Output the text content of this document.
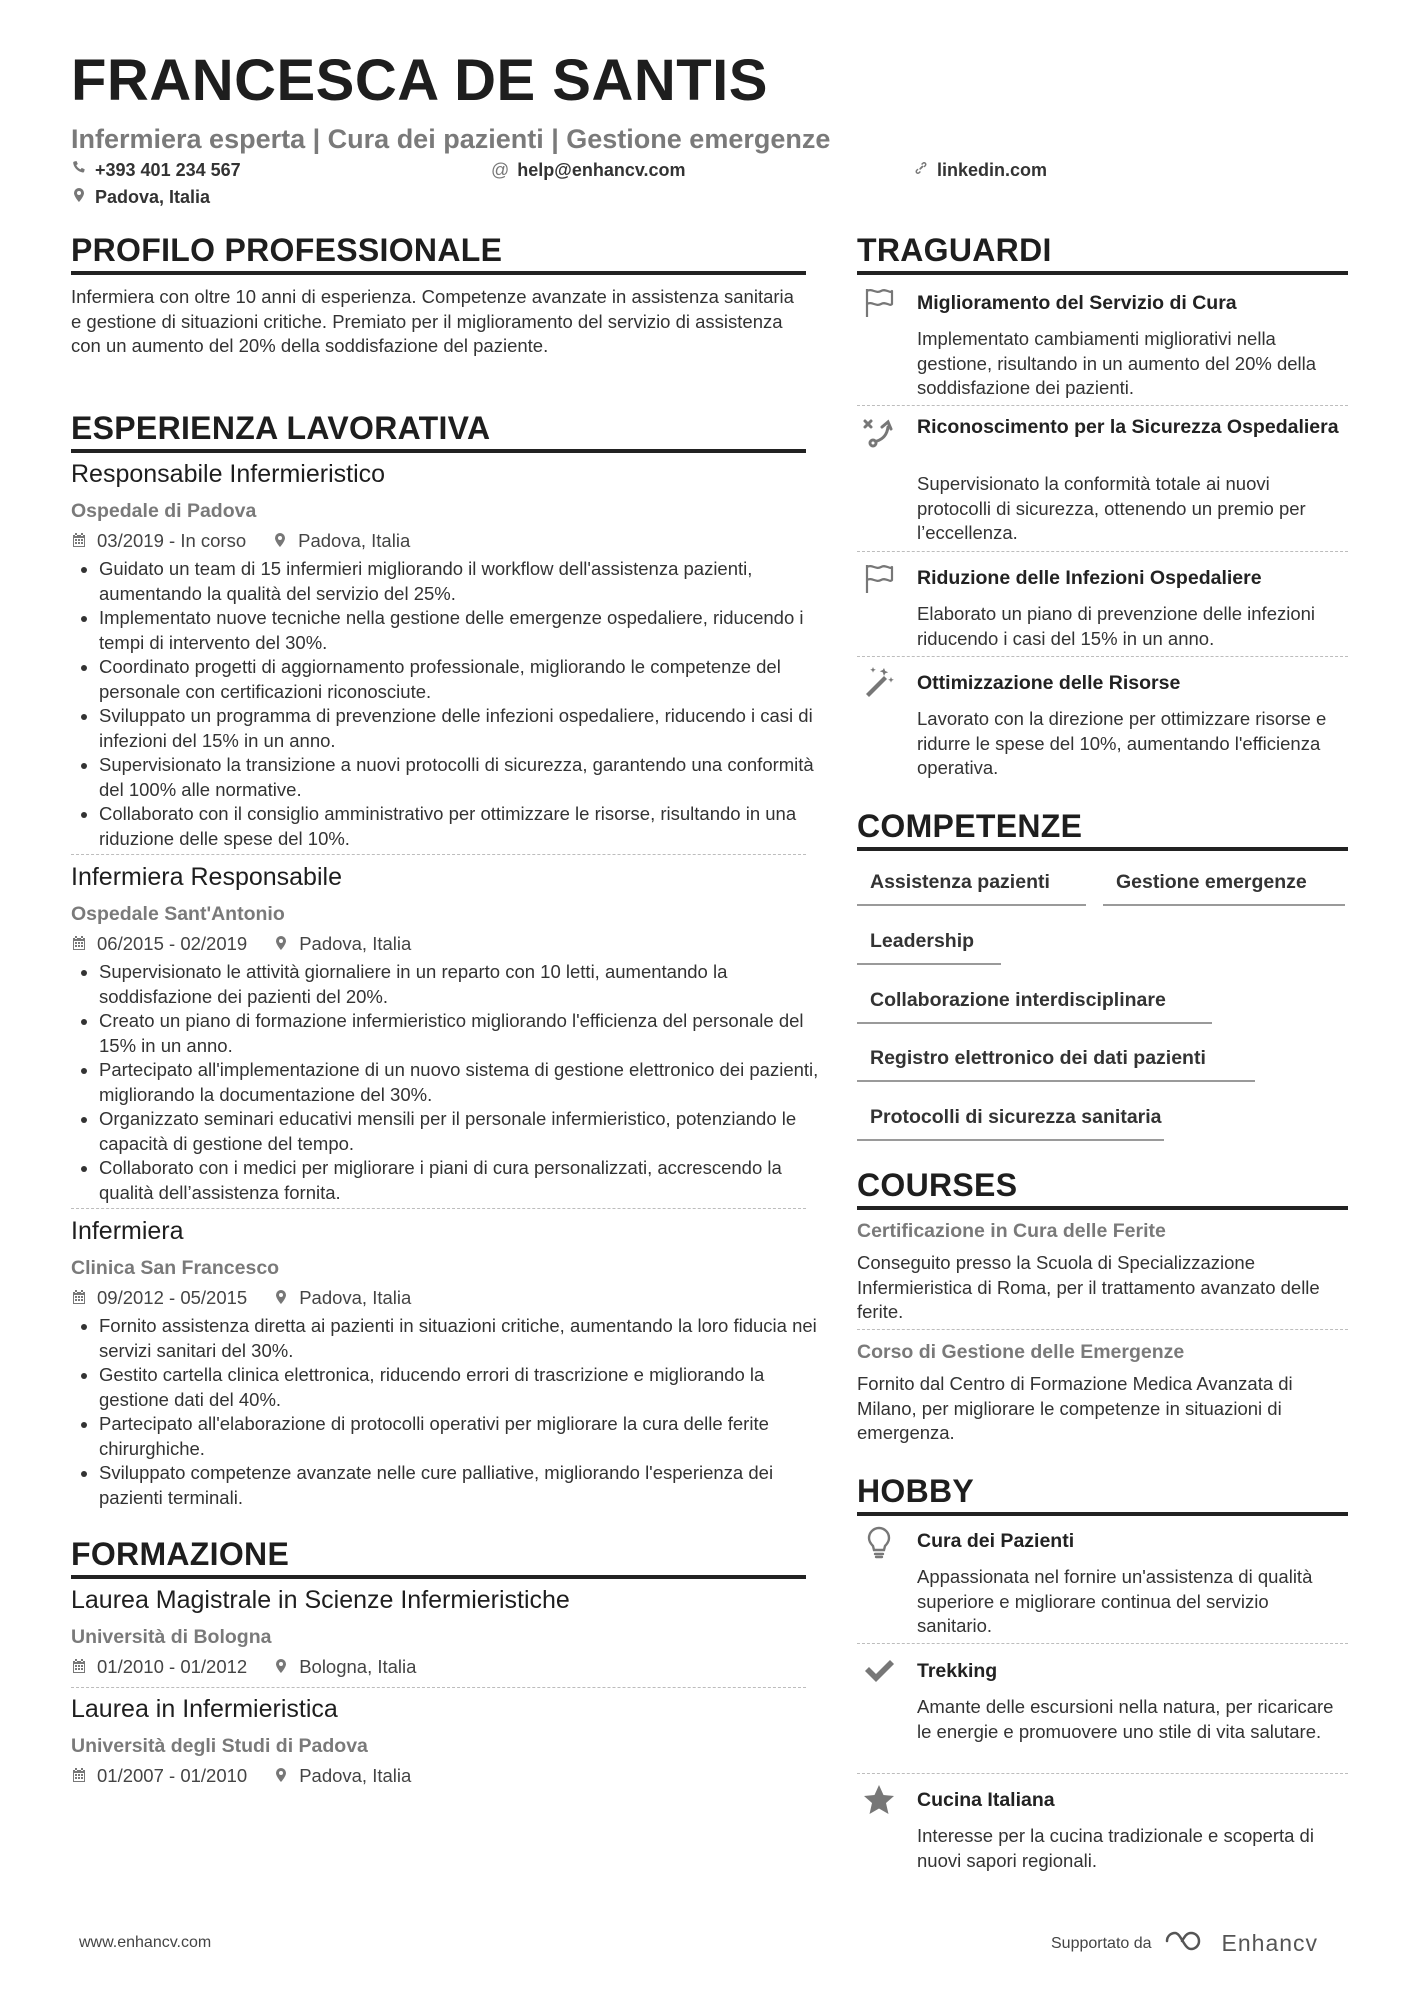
FRANCESCA DE SANTIS
Infermiera esperta | Cura dei pazienti | Gestione emergenze
+393 401 234 567	@ help@enhancv.com	linkedin.com
Padova, Italia
PROFILO PROFESSIONALE
Infermiera con oltre 10 anni di esperienza. Competenze avanzate in assistenza sanitaria e gestione di situazioni critiche. Premiato per il miglioramento del servizio di assistenza con un aumento del 20% della soddisfazione del paziente.
ESPERIENZA LAVORATIVA
Responsabile Infermieristico
Ospedale di Padova
03/2019 - In corso	Padova, Italia
Guidato un team di 15 infermieri migliorando il workflow dell'assistenza pazienti, aumentando la qualità del servizio del 25%.
Implementato nuove tecniche nella gestione delle emergenze ospedaliere, riducendo i tempi di intervento del 30%.
Coordinato progetti di aggiornamento professionale, migliorando le competenze del personale con certificazioni riconosciute.
Sviluppato un programma di prevenzione delle infezioni ospedaliere, riducendo i casi di infezioni del 15% in un anno.
Supervisionato la transizione a nuovi protocolli di sicurezza, garantendo una conformità del 100% alle normative.
Collaborato con il consiglio amministrativo per ottimizzare le risorse, risultando in una riduzione delle spese del 10%.
Infermiera Responsabile
Ospedale Sant'Antonio
06/2015 - 02/2019	Padova, Italia
Supervisionato le attività giornaliere in un reparto con 10 letti, aumentando la soddisfazione dei pazienti del 20%.
Creato un piano di formazione infermieristico migliorando l'efficienza del personale del 15% in un anno.
Partecipato all'implementazione di un nuovo sistema di gestione elettronico dei pazienti, migliorando la documentazione del 30%.
Organizzato seminari educativi mensili per il personale infermieristico, potenziando le capacità di gestione del tempo.
Collaborato con i medici per migliorare i piani di cura personalizzati, accrescendo la qualità dell’assistenza fornita.
Infermiera
Clinica San Francesco
09/2012 - 05/2015	Padova, Italia
Fornito assistenza diretta ai pazienti in situazioni critiche, aumentando la loro fiducia nei servizi sanitari del 30%.
Gestito cartella clinica elettronica, riducendo errori di trascrizione e migliorando la gestione dati del 40%.
Partecipato all'elaborazione di protocolli operativi per migliorare la cura delle ferite chirurghiche.
Sviluppato competenze avanzate nelle cure palliative, migliorando l'esperienza dei pazienti terminali.
FORMAZIONE
Laurea Magistrale in Scienze Infermieristiche
Università di Bologna
01/2010 - 01/2012	Bologna, Italia
Laurea in Infermieristica
Università degli Studi di Padova
01/2007 - 01/2010	Padova, Italia
TRAGUARDI
Miglioramento del Servizio di Cura
Implementato cambiamenti migliorativi nella gestione, risultando in un aumento del 20% della soddisfazione dei pazienti.
Riconoscimento per la Sicurezza Ospedaliera
Supervisionato la conformità totale ai nuovi protocolli di sicurezza, ottenendo un premio per l’eccellenza.
Riduzione delle Infezioni Ospedaliere
Elaborato un piano di prevenzione delle infezioni riducendo i casi del 15% in un anno.
Ottimizzazione delle Risorse
Lavorato con la direzione per ottimizzare risorse e ridurre le spese del 10%, aumentando l'efficienza operativa.
COMPETENZE
Assistenza pazienti	Gestione emergenze
Leadership
Collaborazione interdisciplinare
Registro elettronico dei dati pazienti
Protocolli di sicurezza sanitaria
COURSES
Certificazione in Cura delle Ferite
Conseguito presso la Scuola di Specializzazione Infermieristica di Roma, per il trattamento avanzato delle ferite.
Corso di Gestione delle Emergenze
Fornito dal Centro di Formazione Medica Avanzata di Milano, per migliorare le competenze in situazioni di emergenza.
HOBBY
Cura dei Pazienti
Appassionata nel fornire un'assistenza di qualità superiore e migliorare continua del servizio sanitario.
Trekking
Amante delle escursioni nella natura, per ricaricare le energie e promuovere uno stile di vita salutare.
Cucina Italiana
Interesse per la cucina tradizionale e scoperta di nuovi sapori regionali.
www.enhancv.com	Supportato da	Enhancv
